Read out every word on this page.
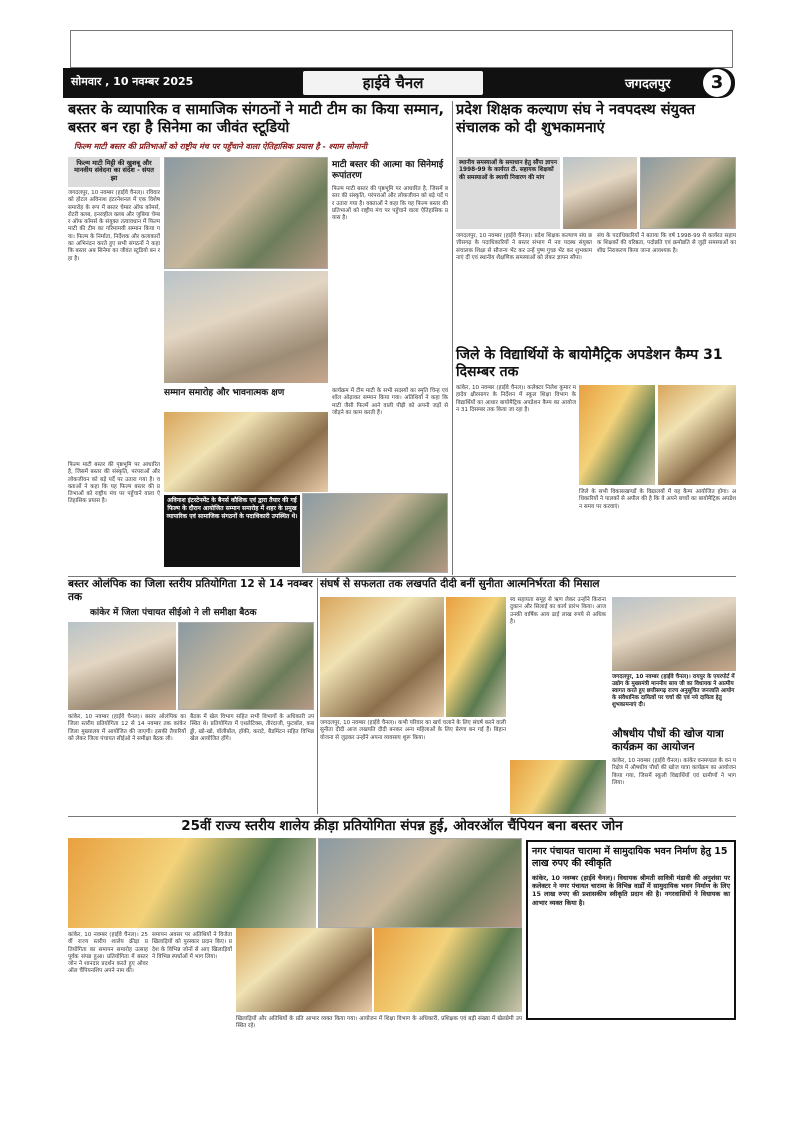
सोमवार , 10 नवम्बर 2025	हाईवे चैनल	जगदलपुर	3
बस्तर के व्यापारिक व सामाजिक संगठनों ने माटी टीम का किया सम्मान, बस्तर बन रहा है सिनेमा का जीवंत स्टूडियो
फिल्म माटी बस्तर की प्रतिभाओं को राष्ट्रीय मंच पर पहुँचाने वाला ऐतिहासिक प्रयास है - श्याम सोमानी
फिल्म माटी मिट्टी की खुशबू और मानवीय संवेदना का संदेश - संयत झा
जगदलपुर, 10 नवम्बर (हाईवे चैनल)। रविवार को होटल अविनाश इंटरनेशनल में एक विशेष समारोह के रूप में बस्तर चेम्बर ऑफ कॉमर्स, रोटरी क्लब, इनरव्हील क्लब और जुबिया चेम्बर ऑफ कॉमर्स के संयुक्त तत्वावधान में फिल्म माटी की टीम का गरिमामयी सम्मान किया गया। फिल्म के निर्माता, निर्देशक और कलाकारों का अभिनंदन करते हुए सभी संगठनों ने कहा कि बस्तर अब सिनेमा का जीवंत स्टूडियो बन रहा है।
माटी बस्तर की आत्मा का सिनेमाई रूपांतरण
फिल्म माटी बस्तर की पृष्ठभूमि पर आधारित है, जिसमें बस्तर की संस्कृति, परंपराओं और लोकजीवन को बड़े पर्दे पर उतारा गया है। वक्ताओं ने कहा कि यह फिल्म बस्तर की प्रतिभाओं को राष्ट्रीय मंच पर पहुँचाने वाला ऐतिहासिक प्रयास है।
सम्मान समारोह और भावनात्मक क्षण	कार्यक्रम में टीम माटी के सभी सदस्यों का स्मृति चिन्ह एवं शॉल ओढ़ाकर सम्मान किया गया। अतिथियों ने कहा कि माटी जैसी फिल्में आने वाली पीढ़ी को अपनी जड़ों से जोड़ने का काम करती हैं।
अविनाश इंटरटेनमेंट के बैनर्स कौशिक एवं द्वारा तैयार की गई फिल्म के दौरान आयोजित सम्मान समारोह में शहर के प्रमुख व्यापारिक एवं सामाजिक संगठनों के पदाधिकारी उपस्थित थे।
फिल्म माटी बस्तर की पृष्ठभूमि पर आधारित है, जिसमें बस्तर की संस्कृति, परंपराओं और लोकजीवन को बड़े पर्दे पर उतारा गया है। वक्ताओं ने कहा कि यह फिल्म बस्तर की प्रतिभाओं को राष्ट्रीय मंच पर पहुँचाने वाला ऐतिहासिक प्रयास है।
प्रदेश शिक्षक कल्याण संघ ने नवपदस्थ संयुक्त संचालक को दी शुभकामनाएं
स्थानीय समस्याओं के समाधान हेतु सौंपा ज्ञापन 1998-99 के कार्यरत टी. सहायक शिक्षकों की समस्याओं के स्थायी निवारण की मांग
जगदलपुर, 10 नवम्बर (हाईवे चैनल)। प्रदेश शिक्षक कल्याण संघ छत्तीसगढ़ के पदाधिकारियों ने बस्तर संभाग में नव पदस्थ संयुक्त संचालक शिक्षा से सौजन्य भेंट कर उन्हें पुष्प गुच्छ भेंट कर शुभकामनाएं दीं एवं स्थानीय शैक्षणिक समस्याओं को लेकर ज्ञापन सौंपा।
संघ के पदाधिकारियों ने बताया कि वर्ष 1998-99 से कार्यरत सहायक शिक्षकों की वरिष्ठता, पदोन्नति एवं क्रमोन्नति से जुड़ी समस्याओं का शीघ्र निराकरण किया जाना आवश्यक है।
जिले के विद्यार्थियों के बायोमैट्रिक अपडेशन कैम्प 31 दिसम्बर तक
कांकेर, 10 नवम्बर (हाईवे चैनल)। कलेक्टर निलेश कुमार महादेव क्षीरसागर के निर्देशन में स्कूल शिक्षा विभाग के विद्यार्थियों का आधार बायोमैट्रिक अपडेशन कैम्प का आयोजन 31 दिसम्बर तक किया जा रहा है।
जिले के सभी विकासखण्डों के विद्यालयों में यह कैम्प आयोजित होगा। अधिकारियों ने पालकों से अपील की है कि वे अपने बच्चों का बायोमैट्रिक अपडेशन समय पर करवाएं।
बस्तर ओलंपिक का जिला स्तरीय प्रतियोगिता 12 से 14 नवम्बर तक
कांकेर में जिला पंचायत सीईओ ने ली समीक्षा बैठक
कांकेर, 10 नवम्बर (हाईवे चैनल)। बस्तर ओलंपिक का जिला स्तरीय प्रतियोगिता 12 से 14 नवम्बर तक कांकेर जिला मुख्यालय में आयोजित की जाएगी। इसकी तैयारियों को लेकर जिला पंचायत सीईओ ने समीक्षा बैठक ली।
बैठक में खेल विभाग सहित सभी विभागों के अधिकारी उपस्थित थे। प्रतियोगिता में एथलेटिक्स, तीरंदाजी, फुटबॉल, कबड्डी, खो-खो, वॉलीबॉल, हॉकी, कराटे, बैडमिंटन सहित विभिन्न खेल आयोजित होंगे।
संघर्ष से सफलता तक लखपति दीदी बनीं सुनीता आत्मनिर्भरता की मिसाल
जगदलपुर, 10 नवम्बर (हाईवे चैनल)। कभी परिवार का खर्च चलाने के लिए संघर्ष करने वाली सुनीता दीदी आज लखपति दीदी बनकर अन्य महिलाओं के लिए प्रेरणा बन गई हैं। बिहान योजना से जुड़कर उन्होंने अपना व्यवसाय शुरू किया।
स्व सहायता समूह से ऋण लेकर उन्होंने किराना दुकान और सिलाई का कार्य प्रारंभ किया। आज उनकी वार्षिक आय ढाई लाख रुपये से अधिक है।
जगदलपुर, 10 नवम्बर (हाईवे चैनल)। रायपुर के एयरपोर्ट में उद्योग के मुख्यमंत्री माननीय साय जी का विधायक ने आत्मीय स्वागत करते हुए छत्तीसगढ़ राज्य अनुसूचित जनजाति आयोग के संवैधानिक दायित्वों पर चर्चा की एवं नये दायित्व हेतु शुभकामनाएं दी।
औषधीय पौधों की खोज यात्रा कार्यक्रम का आयोजन
कांकेर, 10 नवम्बर (हाईवे चैनल)। कांकेर वनमण्डल के वन परिक्षेत्र में औषधीय पौधों की खोज यात्रा कार्यक्रम का आयोजन किया गया, जिसमें स्कूली विद्यार्थियों एवं ग्रामीणों ने भाग लिया।
25वीं राज्य स्तरीय शालेय क्रीड़ा प्रतियोगिता संपन्न हुई, ओवरऑल चैंपियन बना बस्तर जोन
कांकेर, 10 नवम्बर (हाईवे चैनल)। 25वीं राज्य स्तरीय शालेय क्रीड़ा प्रतियोगिता का समापन समारोह उत्साहपूर्वक संपन्न हुआ। प्रतियोगिता में बस्तर जोन ने शानदार प्रदर्शन करते हुए ओवरऑल चैंपियनशिप अपने नाम की।
समापन अवसर पर अतिथियों ने विजेता खिलाड़ियों को पुरस्कार प्रदान किए। प्रदेश के विभिन्न जोनों से आए खिलाड़ियों ने विभिन्न स्पर्धाओं में भाग लिया।
खिलाड़ियों और अतिथियों के प्रति आभार व्यक्त किया गया। आयोजन में शिक्षा विभाग के अधिकारी, प्रशिक्षक एवं बड़ी संख्या में खेलप्रेमी उपस्थित रहे।
नगर पंचायत चारामा में सामुदायिक भवन निर्माण हेतु 15 लाख रुपए की स्वीकृति
कांकेर, 10 नवम्बर (हाईवे चैनल)। विधायक श्रीमती सावित्री मंडावी की अनुशंसा पर कलेक्टर ने नगर पंचायत चारामा के विभिन्न वार्डों में सामुदायिक भवन निर्माण के लिए 15 लाख रुपए की प्रशासकीय स्वीकृति प्रदान की है। नगरवासियों ने विधायक का आभार व्यक्त किया है।
